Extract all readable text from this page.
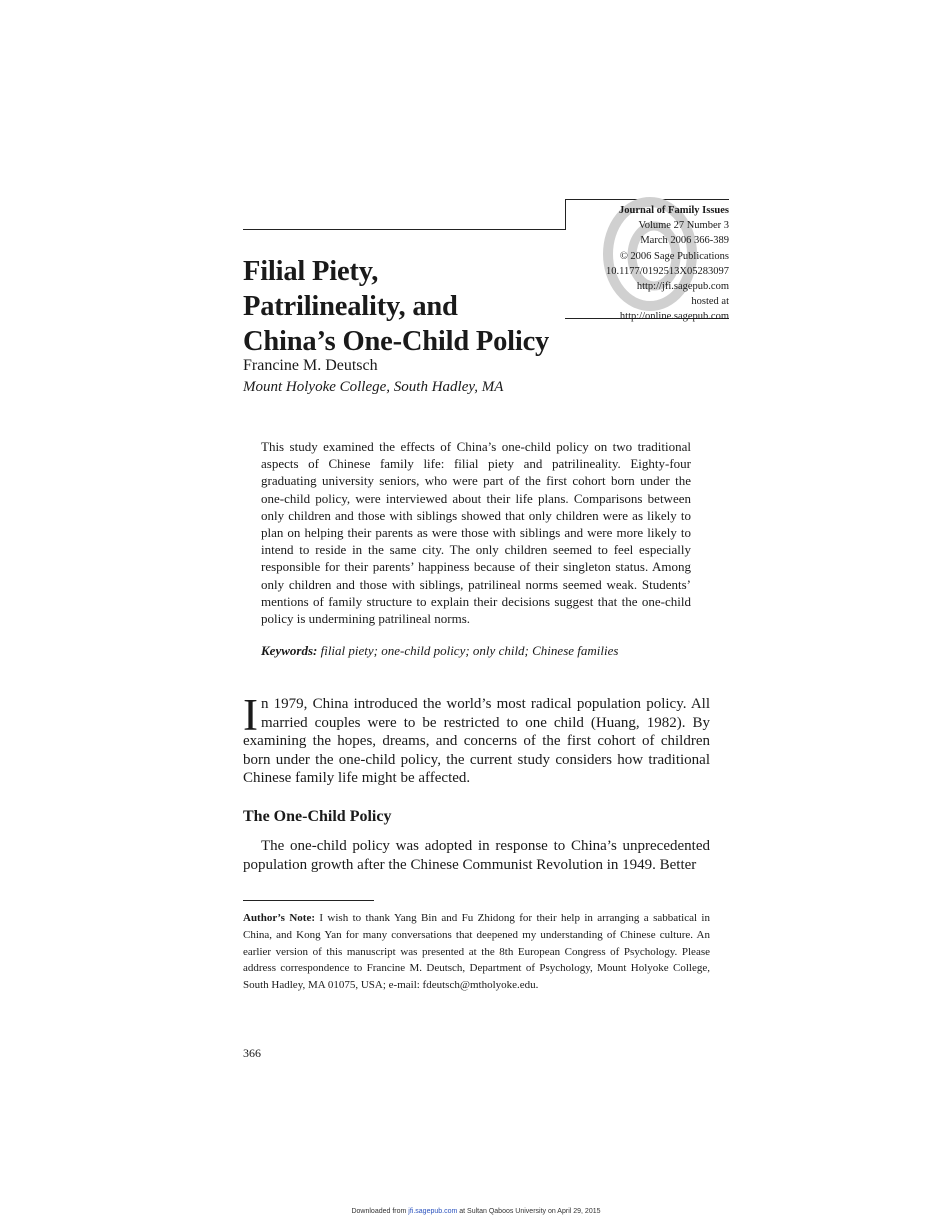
Journal of Family Issues
Volume 27 Number 3
March 2006 366-389
© 2006 Sage Publications
10.1177/0192513X05283097
http://jfi.sagepub.com
hosted at
http://online.sagepub.com
Filial Piety,
Patrilineality, and
China’s One-Child Policy
Francine M. Deutsch
Mount Holyoke College, South Hadley, MA
This study examined the effects of China’s one-child policy on two traditional aspects of Chinese family life: filial piety and patrilineality. Eighty-four graduating university seniors, who were part of the first cohort born under the one-child policy, were interviewed about their life plans. Comparisons between only children and those with siblings showed that only children were as likely to plan on helping their parents as were those with siblings and were more likely to intend to reside in the same city. The only children seemed to feel especially responsible for their parents’ happiness because of their singleton status. Among only children and those with siblings, patrilineal norms seemed weak. Students’ mentions of family structure to explain their decisions suggest that the one-child policy is undermining patrilineal norms.
Keywords: filial piety; one-child policy; only child; Chinese families
In 1979, China introduced the world’s most radical population policy. All married couples were to be restricted to one child (Huang, 1982). By examining the hopes, dreams, and concerns of the first cohort of children born under the one-child policy, the current study considers how traditional Chinese family life might be affected.
The One-Child Policy
The one-child policy was adopted in response to China’s unprecedented population growth after the Chinese Communist Revolution in 1949. Better
Author’s Note: I wish to thank Yang Bin and Fu Zhidong for their help in arranging a sabbatical in China, and Kong Yan for many conversations that deepened my understanding of Chinese culture. An earlier version of this manuscript was presented at the 8th European Congress of Psychology. Please address correspondence to Francine M. Deutsch, Department of Psychology, Mount Holyoke College, South Hadley, MA 01075, USA; e-mail: fdeutsch@mtholyoke.edu.
366
Downloaded from jfi.sagepub.com at Sultan Qaboos University on April 29, 2015
